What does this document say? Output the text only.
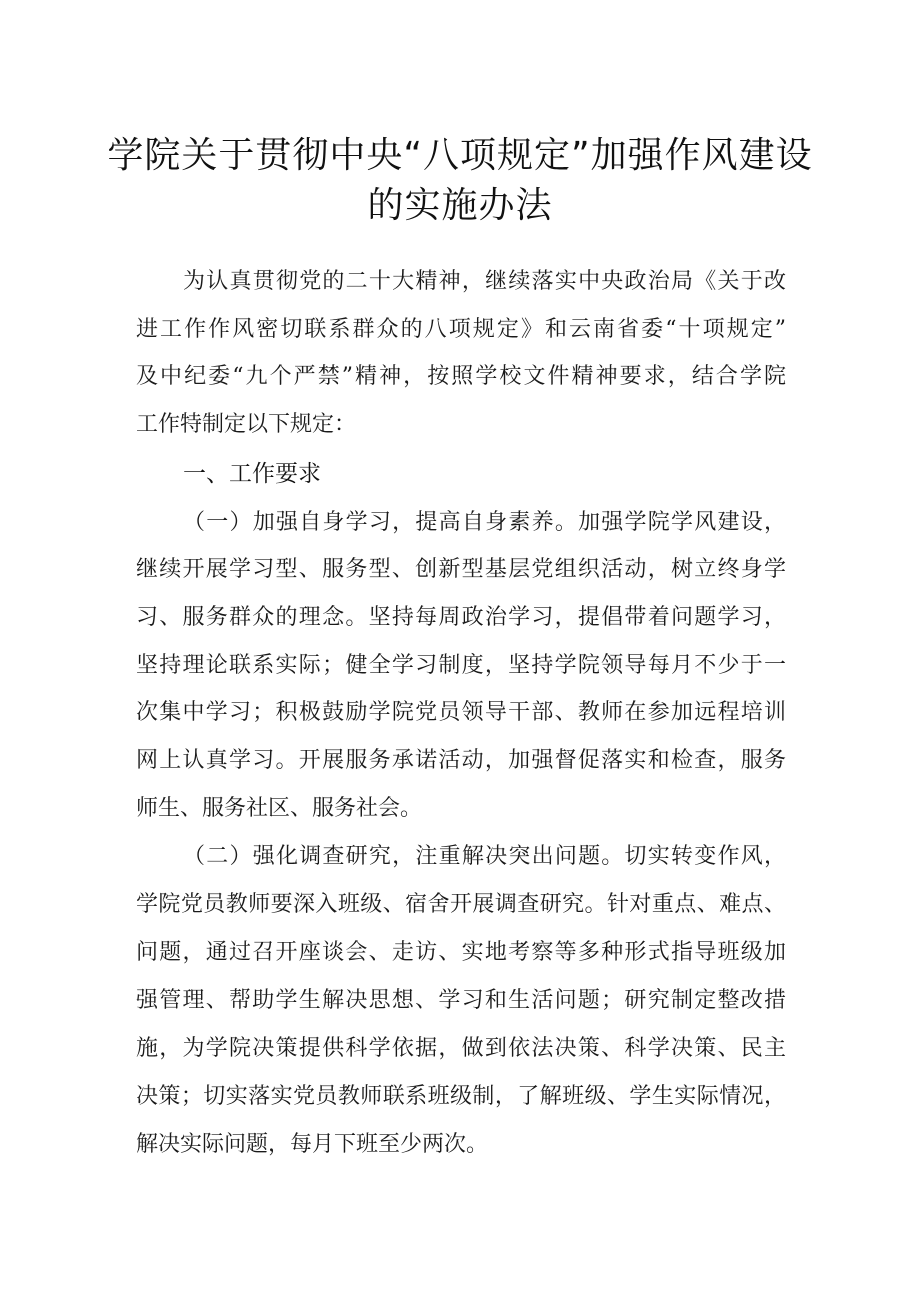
学院关于贯彻中央“八项规定”加强作风建设
的实施办法
为认真贯彻党的二十大精神，继续落实中央政治局《关于改
进工作作风密切联系群众的八项规定》和云南省委“十项规定”
及中纪委“九个严禁”精神，按照学校文件精神要求，结合学院
工作特制定以下规定：
一、工作要求
（一）加强自身学习，提高自身素养。加强学院学风建设，
继续开展学习型、服务型、创新型基层党组织活动，树立终身学
习、服务群众的理念。坚持每周政治学习，提倡带着问题学习，
坚持理论联系实际；健全学习制度，坚持学院领导每月不少于一
次集中学习；积极鼓励学院党员领导干部、教师在参加远程培训
网上认真学习。开展服务承诺活动，加强督促落实和检查，服务
师生、服务社区、服务社会。
（二）强化调查研究，注重解决突出问题。切实转变作风，
学院党员教师要深入班级、宿舍开展调查研究。针对重点、难点、
问题，通过召开座谈会、走访、实地考察等多种形式指导班级加
强管理、帮助学生解决思想、学习和生活问题；研究制定整改措
施，为学院决策提供科学依据，做到依法决策、科学决策、民主
决策；切实落实党员教师联系班级制，了解班级、学生实际情况，
解决实际问题，每月下班至少两次。
